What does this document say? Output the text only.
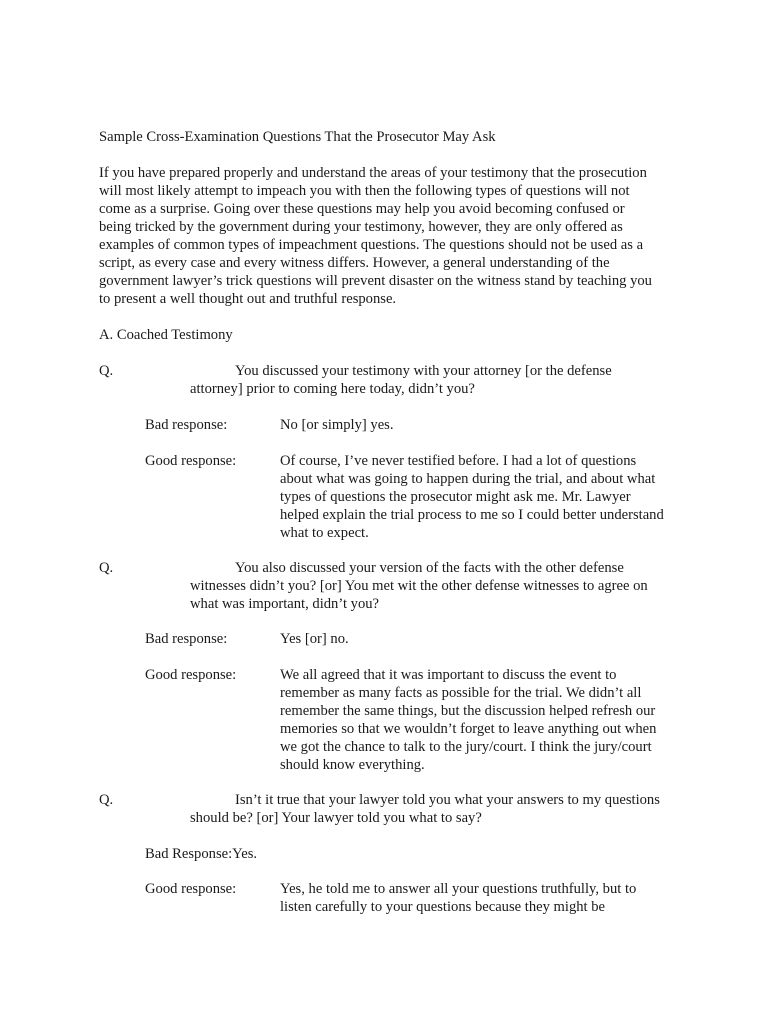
Sample Cross-Examination Questions That the Prosecutor May Ask
If you have prepared properly and understand the areas of your testimony that the prosecution
will most likely attempt to impeach you with then the following types of questions will not
come as a surprise. Going over these questions may help you avoid becoming confused or
being tricked by the government during your testimony, however, they are only offered as
examples of common types of impeachment questions. The questions should not be used as a
script, as every case and every witness differs. However, a general understanding of the
government lawyer’s trick questions will prevent disaster on the witness stand by teaching you
to present a well thought out and truthful response.
A. Coached Testimony
Q.	You discussed your testimony with your attorney [or the defense
attorney] prior to coming here today, didn’t you?
Bad response:	No [or simply] yes.
Good response:	Of course, I’ve never testified before. I had a lot of questions
about what was going to happen during the trial, and about what
types of questions the prosecutor might ask me. Mr. Lawyer
helped explain the trial process to me so I could better understand
what to expect.
Q.	You also discussed your version of the facts with the other defense
witnesses didn’t you? [or] You met wit the other defense witnesses to agree on
what was important, didn’t you?
Bad response:	Yes [or] no.
Good response:	We all agreed that it was important to discuss the event to
remember as many facts as possible for the trial. We didn’t all
remember the same things, but the discussion helped refresh our
memories so that we wouldn’t forget to leave anything out when
we got the chance to talk to the jury/court. I think the jury/court
should know everything.
Q.	Isn’t it true that your lawyer told you what your answers to my questions
should be? [or] Your lawyer told you what to say?
Bad Response:Yes.
Good response:	Yes, he told me to answer all your questions truthfully, but to
listen carefully to your questions because they might be
